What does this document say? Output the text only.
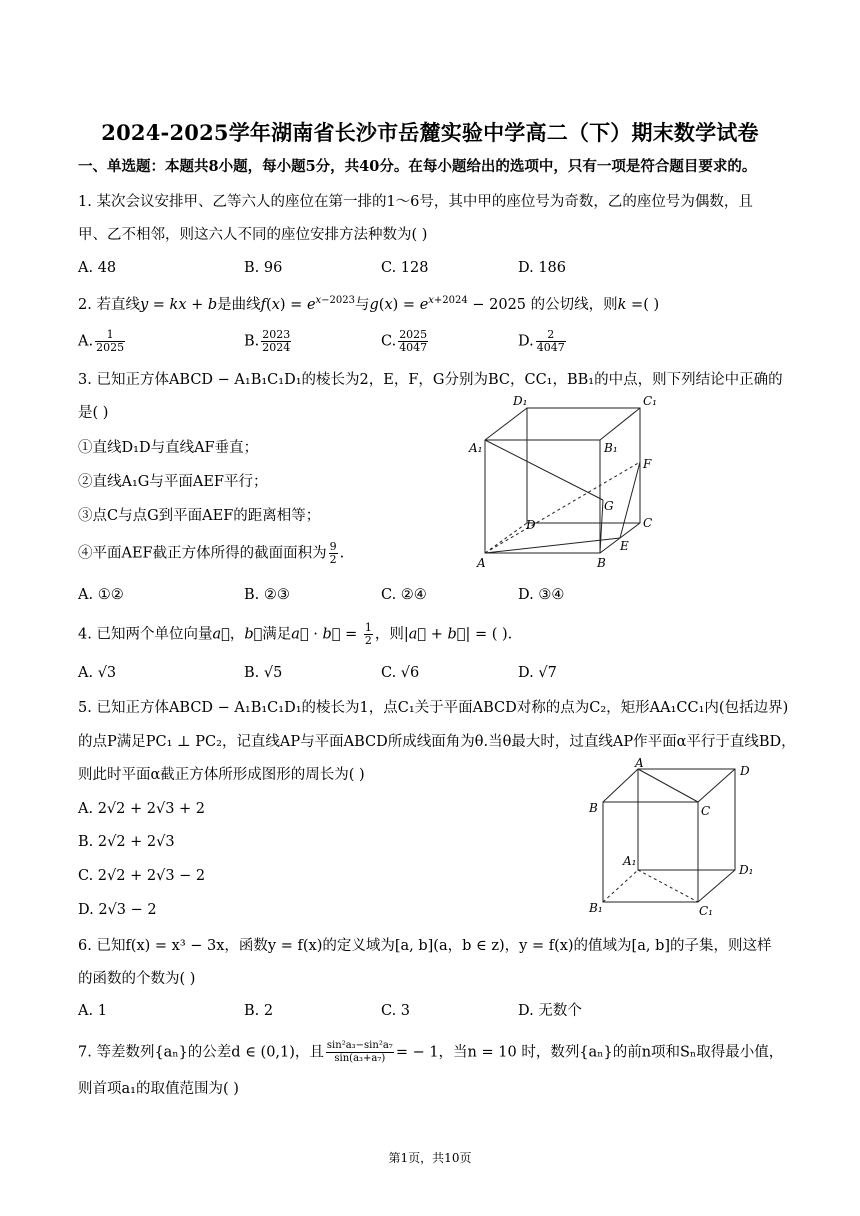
2024-2025学年湖南省长沙市岳麓实验中学高二（下）期末数学试卷
一、单选题：本题共8小题，每小题5分，共40分。在每小题给出的选项中，只有一项是符合题目要求的。
1. 某次会议安排甲、乙等六人的座位在第一排的1～6号，其中甲的座位号为奇数，乙的座位号为偶数，且
甲、乙不相邻，则这六人不同的座位安排方法种数为( )
A. 48	B. 96	C. 128	D. 186
2. 若直线y = kx + b是曲线$f(x) = e^{x-2023}$与$g(x) = e^{x+2024} - 2025$ 的公切线，则k =( )
A. $\frac{1}{2025}$	B. $\frac{2023}{2024}$	C. $\frac{2025}{4047}$	D. $\frac{2}{4047}$
3. 已知正方体ABCD − A₁B₁C₁D₁的棱长为2，E，F，G分别为BC，CC₁，BB₁的中点，则下列结论中正确的
是( )
①直线D₁D与直线AF垂直；
②直线A₁G与平面AEF平行；
③点C与点G到平面AEF的距离相等；
④平面AEF截正方体所得的截面面积为 $\frac{9}{2}$ .
A. ①②	B. ②③	C. ②④	D. ③④
D₁	C₁
A₁	B₁
F
G
D	C
E
A	B
4. 已知两个单位向量a⃗，b⃗满足a⃗ · b⃗ = $\frac{1}{2}$ ，则|a⃗ + b⃗| = ( ).
A. √3	B. √5	C. √6	D. √7
5. 已知正方体ABCD − A₁B₁C₁D₁的棱长为1，点C₁关于平面ABCD对称的点为C₂，矩形AA₁CC₁内(包括边界)
的点P满足PC₁ ⊥ PC₂，记直线AP与平面ABCD所成线面角为θ.当θ最大时，过直线AP作平面α平行于直线BD，
则此时平面α截正方体所形成图形的周长为( )
A. 2√2 + 2√3 + 2
B. 2√2 + 2√3
C. 2√2 + 2√3 − 2
D. 2√3 − 2
A
D
B	C
A₁
D₁
B₁	C₁
6. 已知f(x) = x³ − 3x，函数y = f(x)的定义域为[a, b](a，b ∈ z)，y = f(x)的值域为[a, b]的子集，则这样
的函数的个数为( )
A. 1	B. 2	C. 3	D. 无数个
7. 等差数列{aₙ}的公差d ∈ (0,1)，且 $\frac{\text{sin²a₃−sin²a₇}}{\text{sin(a₃+a₇)}}$ = − 1，当n = 10 时，数列{aₙ}的前n项和Sₙ取得最小值，
则首项a₁的取值范围为( )
第1页，共10页
